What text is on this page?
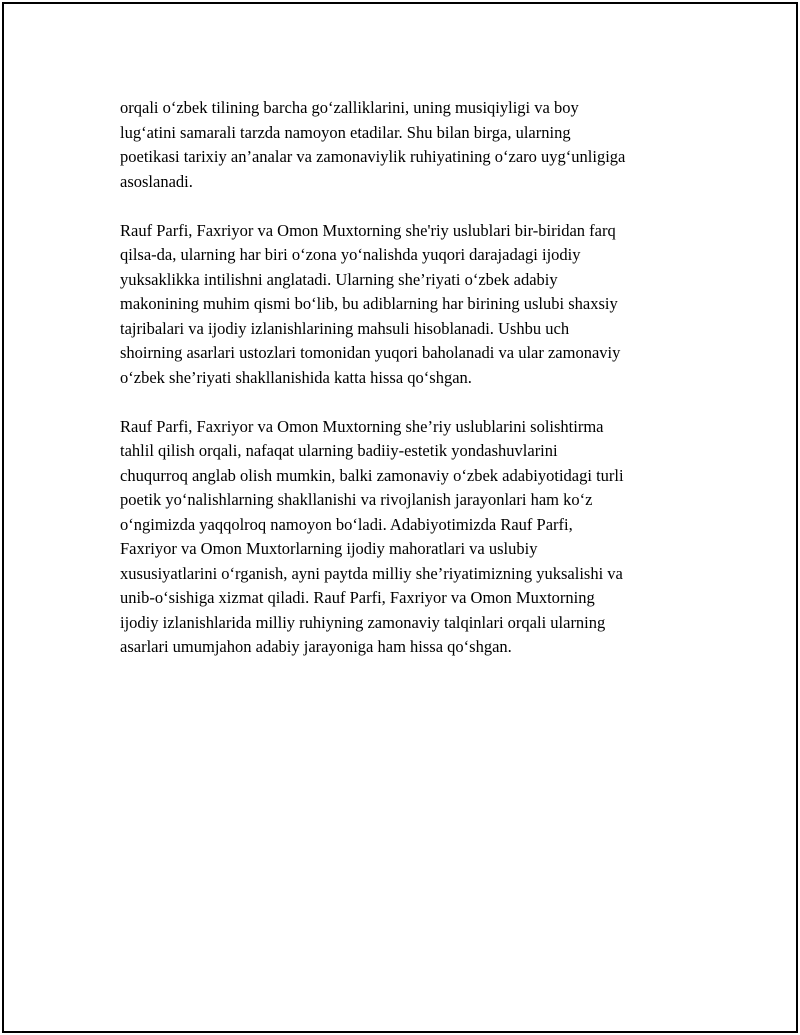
orqali o‘zbek tilining barcha go‘zalliklarini, uning musiqiyligi va boy
lug‘atini samarali tarzda namoyon etadilar. Shu bilan birga, ularning
poetikasi tarixiy an’analar va zamonaviylik ruhiyatining o‘zaro uyg‘unligiga
asoslanadi.

Rauf Parfi, Faxriyor va Omon Muxtorning she'riy uslublari bir-biridan farq
qilsa-da, ularning har biri o‘zona yo‘nalishda yuqori darajadagi ijodiy
yuksaklikka intilishni anglatadi. Ularning she’riyati o‘zbek adabiy
makonining muhim qismi bo‘lib, bu adiblarning har birining uslubi shaxsiy
tajribalari va ijodiy izlanishlarining mahsuli hisoblanadi. Ushbu uch
shoirning asarlari ustozlari tomonidan yuqori baholanadi va ular zamonaviy
o‘zbek she’riyati shakllanishida katta hissa qo‘shgan.

Rauf Parfi, Faxriyor va Omon Muxtorning she’riy uslublarini solishtirma
tahlil qilish orqali, nafaqat ularning badiiy-estetik yondashuvlarini
chuqurroq anglab olish mumkin, balki zamonaviy o‘zbek adabiyotidagi turli
poetik yo‘nalishlarning shakllanishi va rivojlanish jarayonlari ham ko‘z
o‘ngimizda yaqqolroq namoyon bo‘ladi. Adabiyotimizda Rauf Parfi,
Faxriyor va Omon Muxtorlarning ijodiy mahoratlari va uslubiy
xususiyatlarini o‘rganish, ayni paytda milliy she’riyatimizning yuksalishi va
unib-o‘sishiga xizmat qiladi. Rauf Parfi, Faxriyor va Omon Muxtorning
ijodiy izlanishlarida milliy ruhiyning zamonaviy talqinlari orqali ularning
asarlari umumjahon adabiy jarayoniga ham hissa qo‘shgan.
